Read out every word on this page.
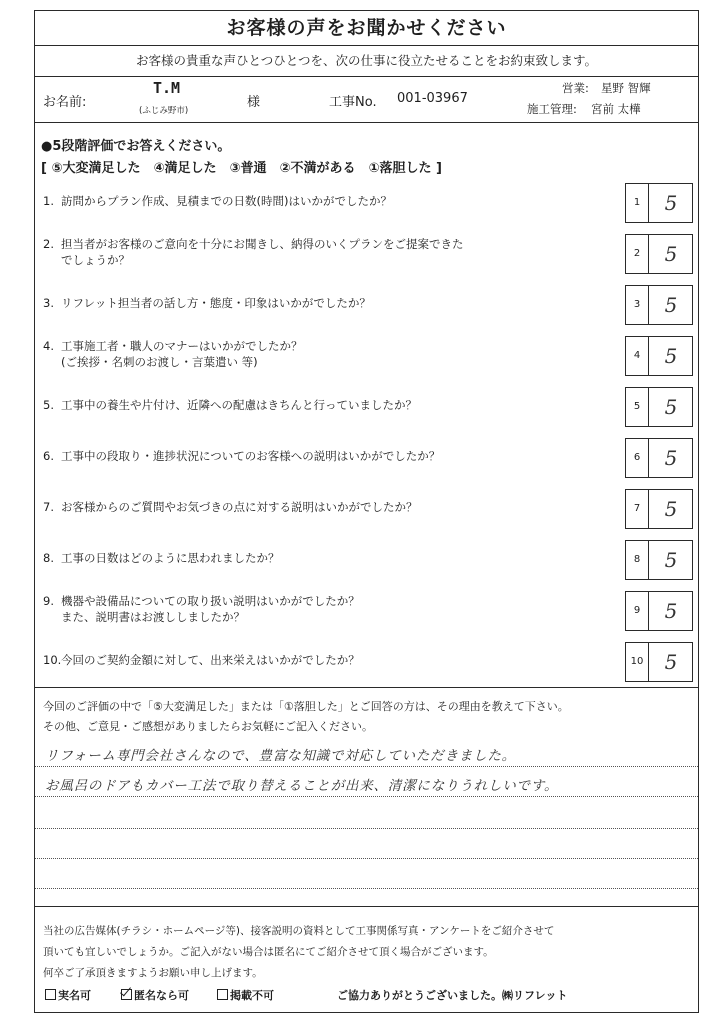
お客様の声をお聞かせください
お客様の貴重な声ひとつひとつを、次の仕事に役立たせることをお約束致します。
お名前:
T.M
(ふじみ野市)
様	工事No. 001-03967
営業: 星野 智輝
施工管理: 宮前 太樺
●5段階評価でお答えください。
[ ⑤大変満足した　④満足した　③普通　②不満がある　①落胆した ]
1. 訪問からプラン作成、見積までの日数(時間)はいかがでしたか？	1	5
2. 担当者がお客様のご意向を十分にお聞きし、納得のいくプランをご提案できた
でしょうか？	2	5
3. リフレット担当者の話し方・態度・印象はいかがでしたか？	3	5
4. 工事施工者・職人のマナーはいかがでしたか？
(ご挨拶・名刺のお渡し・言葉遣い 等)	4	5
5. 工事中の養生や片付け、近隣への配慮はきちんと行っていましたか？	5	5
6. 工事中の段取り・進捗状況についてのお客様への説明はいかがでしたか？	6	5
7. お客様からのご質問やお気づきの点に対する説明はいかがでしたか？	7	5
8. 工事の日数はどのように思われましたか？	8	5
9. 機器や設備品についての取り扱い説明はいかがでしたか？
また、説明書はお渡ししましたか？	9	5
10.今回のご契約金額に対して、出来栄えはいかがでしたか？	10	5
今回のご評価の中で「⑤大変満足した」または「①落胆した」とご回答の方は、その理由を教えて下さい。
その他、ご意見・ご感想がありましたらお気軽にご記入ください。
リフォーム専門会社さんなので、豊富な知識で対応していただきました。
お風呂のドアもカバー工法で取り替えることが出来、清潔になりうれしいです。
当社の広告媒体(チラシ・ホームページ等)、接客説明の資料として工事関係写真・アンケートをご紹介させて
頂いても宜しいでしょうか。ご記入がない場合は匿名にてご紹介させて頂く場合がございます。
何卒ご了承頂きますようお願い申し上げます。
実名可	匿名なら可	掲載不可	ご協力ありがとうございました。㈱リフレット
